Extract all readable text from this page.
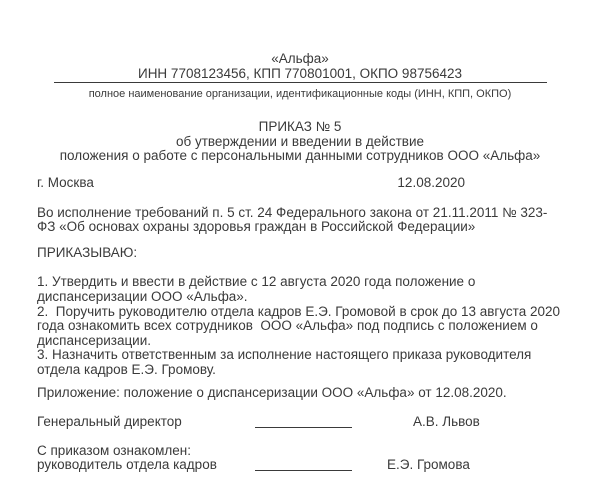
«Альфа»
ИНН 7708123456, КПП 770801001, ОКПО 98756423
полное наименование организации, идентификационные коды (ИНН, КПП, ОКПО)
ПРИКАЗ № 5
об утверждении и введении в действие
положения о работе с персональными данными сотрудников ООО «Альфа»
г. Москва	12.08.2020

Во исполнение требований п. 5 ст. 24 Федерального закона от 21.11.2011 № 323-ФЗ «Об основах охраны здоровья граждан в Российской Федерации»

ПРИКАЗЫВАЮ:

1. Утвердить и ввести в действие с 12 августа 2020 года положение о диспансеризации ООО «Альфа».
2.  Поручить руководителю отдела кадров Е.Э. Громовой в срок до 13 августа 2020 года ознакомить всех сотрудников  ООО «Альфа» под подпись с положением о диспансеризации.
3. Назначить ответственным за исполнение настоящего приказа руководителя отдела кадров Е.Э. Громову.

Приложение: положение о диспансеризации ООО «Альфа» от 12.08.2020.

Генеральный директор	А.В. Львов
С приказом ознакомлен:
руководитель отдела кадров	Е.Э. Громова
